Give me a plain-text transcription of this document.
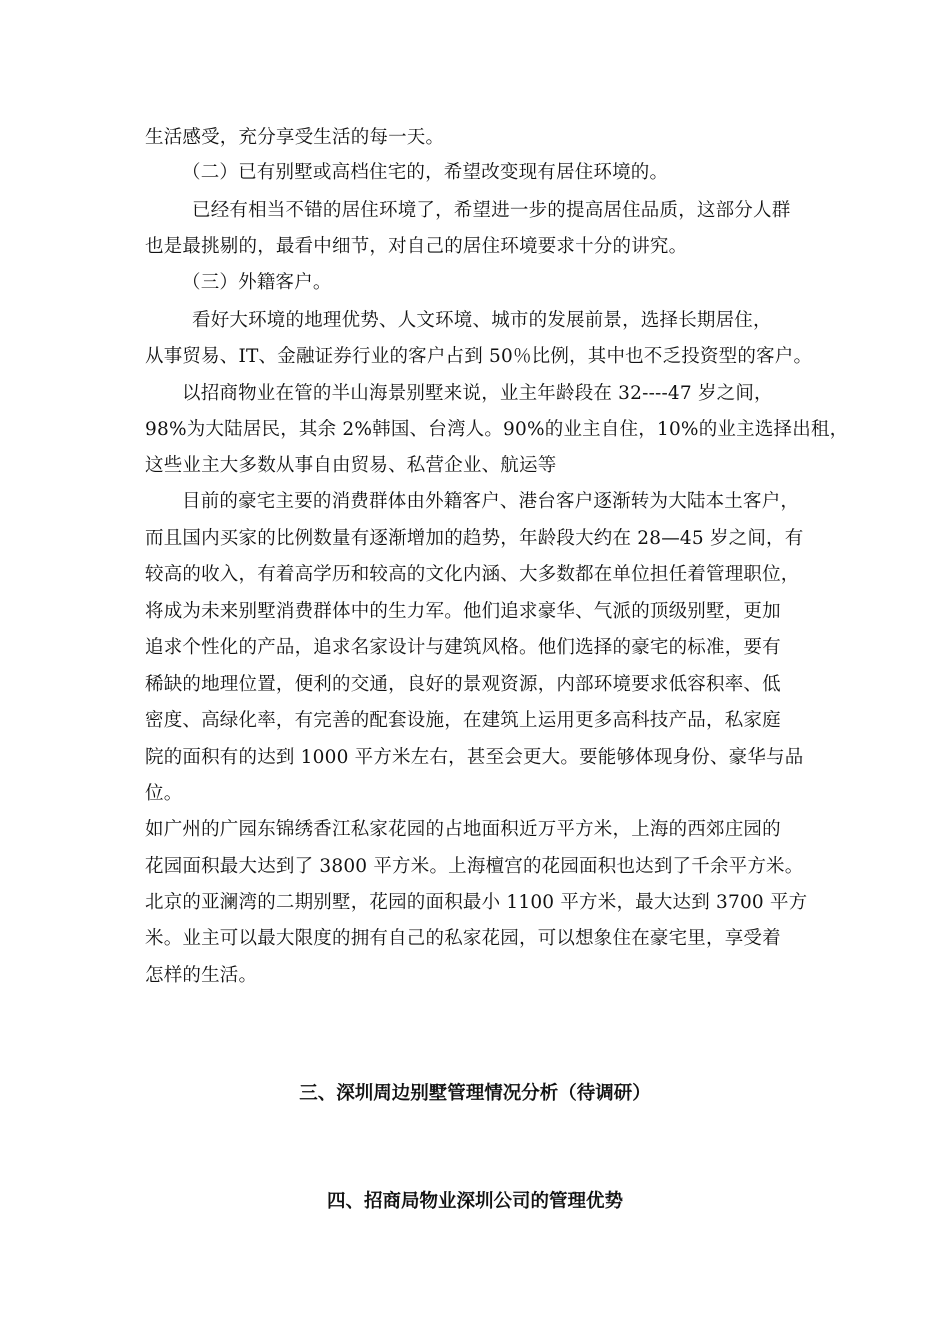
生活感受，充分享受生活的每一天。
（二）已有别墅或高档住宅的，希望改变现有居住环境的。
已经有相当不错的居住环境了，希望进一步的提高居住品质，这部分人群
也是最挑剔的，最看中细节，对自己的居住环境要求十分的讲究。
（三）外籍客户。
看好大环境的地理优势、人文环境、城市的发展前景，选择长期居住，
从事贸易、IT、金融证券行业的客户占到 50％比例，其中也不乏投资型的客户。
以招商物业在管的半山海景别墅来说，业主年龄段在 32----47 岁之间，
98%为大陆居民，其余 2%韩国、台湾人。90%的业主自住，10%的业主选择出租，
这些业主大多数从事自由贸易、私营企业、航运等
目前的豪宅主要的消费群体由外籍客户、港台客户逐渐转为大陆本土客户，
而且国内买家的比例数量有逐渐增加的趋势，年龄段大约在 28—45 岁之间，有
较高的收入，有着高学历和较高的文化内涵、大多数都在单位担任着管理职位，
将成为未来别墅消费群体中的生力军。他们追求豪华、气派的顶级别墅，更加
追求个性化的产品，追求名家设计与建筑风格。他们选择的豪宅的标准，要有
稀缺的地理位置，便利的交通，良好的景观资源，内部环境要求低容积率、低
密度、高绿化率，有完善的配套设施，在建筑上运用更多高科技产品，私家庭
院的面积有的达到 1000 平方米左右，甚至会更大。要能够体现身份、豪华与品
位。
如广州的广园东锦绣香江私家花园的占地面积近万平方米，上海的西郊庄园的
花园面积最大达到了 3800 平方米。上海檀宫的花园面积也达到了千余平方米。
北京的亚澜湾的二期别墅，花园的面积最小 1100 平方米，最大达到 3700 平方
米。业主可以最大限度的拥有自己的私家花园，可以想象住在豪宅里，享受着
怎样的生活。
三、深圳周边别墅管理情况分析（待调研）
四、招商局物业深圳公司的管理优势
